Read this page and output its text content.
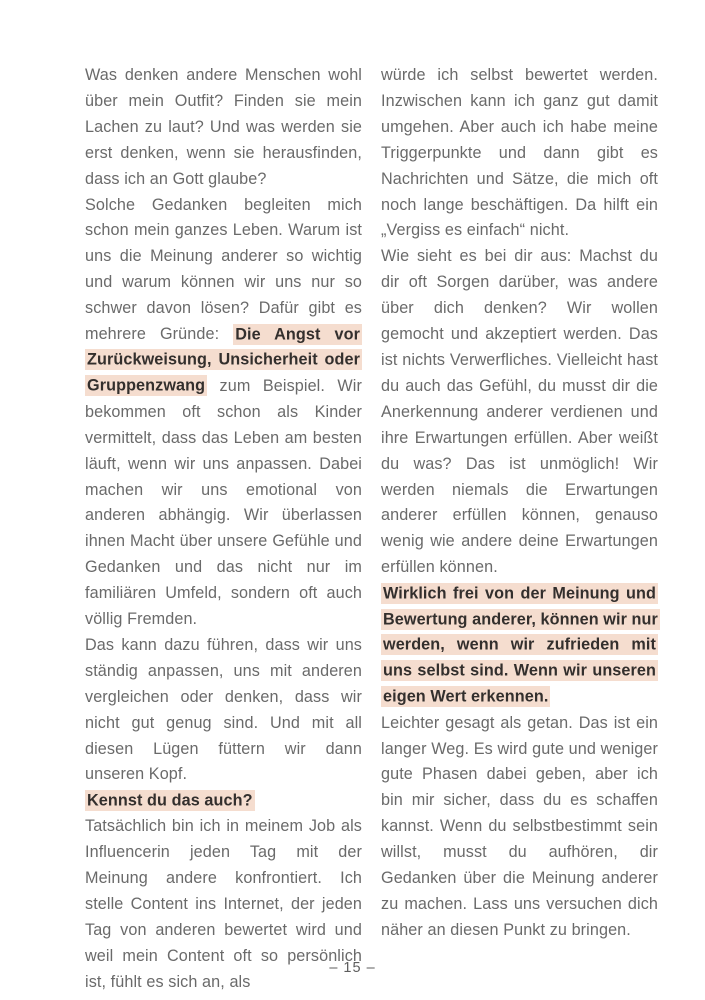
Was denken andere Menschen wohl über mein Outfit? Finden sie mein Lachen zu laut? Und was werden sie erst denken, wenn sie herausfinden, dass ich an Gott glaube?

Solche Gedanken begleiten mich schon mein ganzes Leben. Warum ist uns die Meinung anderer so wichtig und warum können wir uns nur so schwer davon lösen? Dafür gibt es mehrere Gründe: Die Angst vor Zurückweisung, Unsicherheit oder Gruppenzwang zum Beispiel. Wir bekommen oft schon als Kinder vermittelt, dass das Leben am besten läuft, wenn wir uns anpassen. Dabei machen wir uns emotional von anderen abhängig. Wir überlassen ihnen Macht über unsere Gefühle und Gedanken und das nicht nur im familiären Umfeld, sondern oft auch völlig Fremden.

Das kann dazu führen, dass wir uns ständig anpassen, uns mit anderen vergleichen oder denken, dass wir nicht gut genug sind. Und mit all diesen Lügen füttern wir dann unseren Kopf.

Kennst du das auch?

Tatsächlich bin ich in meinem Job als Influencerin jeden Tag mit der Meinung andere konfrontiert. Ich stelle Content ins Internet, der jeden Tag von anderen bewertet wird und weil mein Content oft so persönlich ist, fühlt es sich an, als

würde ich selbst bewertet werden. Inzwischen kann ich ganz gut damit umgehen. Aber auch ich habe meine Triggerpunkte und dann gibt es Nachrichten und Sätze, die mich oft noch lange beschäftigen. Da hilft ein „Vergiss es einfach“ nicht.

Wie sieht es bei dir aus: Machst du dir oft Sorgen darüber, was andere über dich denken? Wir wollen gemocht und akzeptiert werden. Das ist nichts Verwerfliches. Vielleicht hast du auch das Gefühl, du musst dir die Anerkennung anderer verdienen und ihre Erwartungen erfüllen. Aber weißt du was? Das ist unmöglich! Wir werden niemals die Erwartungen anderer erfüllen können, genauso wenig wie andere deine Erwartungen erfüllen können.

Wirklich frei von der Meinung und Bewertung anderer, können wir nur werden, wenn wir zufrieden mit uns selbst sind. Wenn wir unseren eigen Wert erkennen.

Leichter gesagt als getan. Das ist ein langer Weg. Es wird gute und weniger gute Phasen dabei geben, aber ich bin mir sicher, dass du es schaffen kannst. Wenn du selbstbestimmt sein willst, musst du aufhören, dir Gedanken über die Meinung anderer zu machen. Lass uns versuchen dich näher an diesen Punkt zu bringen.

– 15 –
